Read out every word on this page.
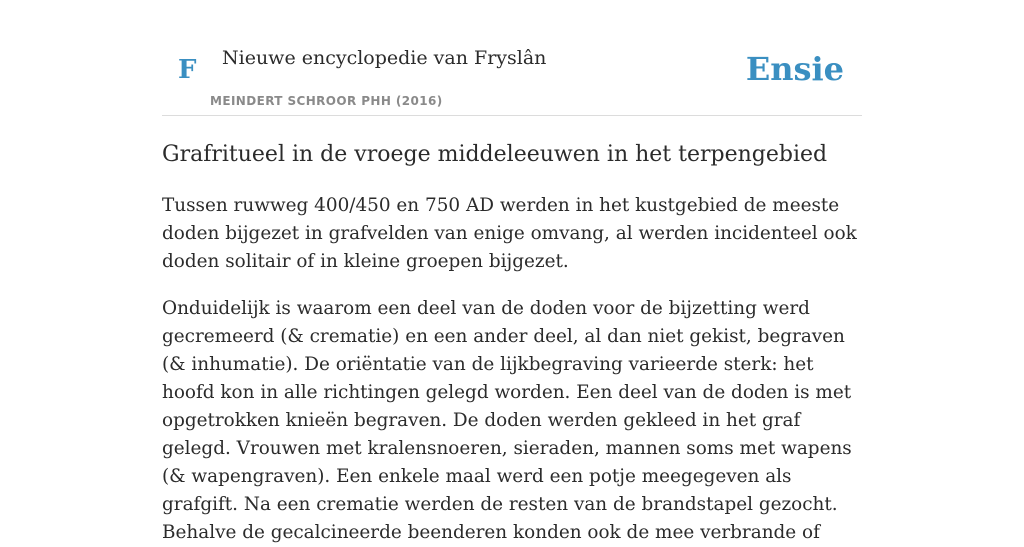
F Nieuwe encyclopedie van Fryslân
MEINDERT SCHROOR PHH (2016)
Ensie
Grafritueel in de vroege middeleeuwen in het terpengebied

Tussen ruwweg 400/450 en 750 AD werden in het kustgebied de meeste doden bijgezet in grafvelden van enige omvang, al werden incidenteel ook doden solitair of in kleine groepen bijgezet.

Onduidelijk is waarom een deel van de doden voor de bijzetting werd gecremeerd (& crematie) en een ander deel, al dan niet gekist, begraven (& inhumatie). De oriëntatie van de lijkbegraving varieerde sterk: het hoofd kon in alle richtingen gelegd worden. Een deel van de doden is met opgetrokken knieën begraven. De doden werden gekleed in het graf gelegd. Vrouwen met kralensnoeren, sieraden, mannen soms met wapens (& wapengraven). Een enkele maal werd een potje meegegeven als grafgift. Na een crematie werden de resten van de brandstapel gezocht. Behalve de gecalcineerde beenderen konden ook de mee verbrande of
